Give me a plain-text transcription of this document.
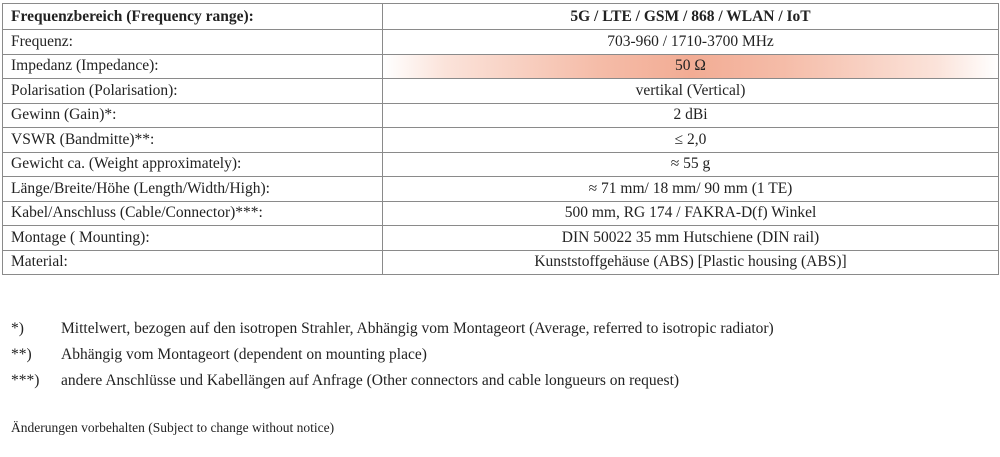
Frequenzbereich (Frequency range):	5G / LTE / GSM / 868 / WLAN / IoT
Frequenz:	703-960 / 1710-3700 MHz
Impedanz (Impedance):	50 Ω
Polarisation (Polarisation):	vertikal (Vertical)
Gewinn (Gain)*:	2 dBi
VSWR (Bandmitte)**:	≤ 2,0
Gewicht ca. (Weight approximately):	≈ 55 g
Länge/Breite/Höhe (Length/Width/High):	≈ 71 mm/ 18 mm/ 90 mm (1 TE)
Kabel/Anschluss (Cable/Connector)***:	500 mm, RG 174 / FAKRA-D(f) Winkel
Montage ( Mounting):	DIN 50022 35 mm Hutschiene (DIN rail)
Material:	Kunststoffgehäuse (ABS) [Plastic housing (ABS)]
*)	Mittelwert, bezogen auf den isotropen Strahler, Abhängig vom Montageort (Average, referred to isotropic radiator)
**)	Abhängig vom Montageort (dependent on mounting place)
***)	andere Anschlüsse und Kabellängen auf Anfrage (Other connectors and cable longueurs on request)
Änderungen vorbehalten (Subject to change without notice)
